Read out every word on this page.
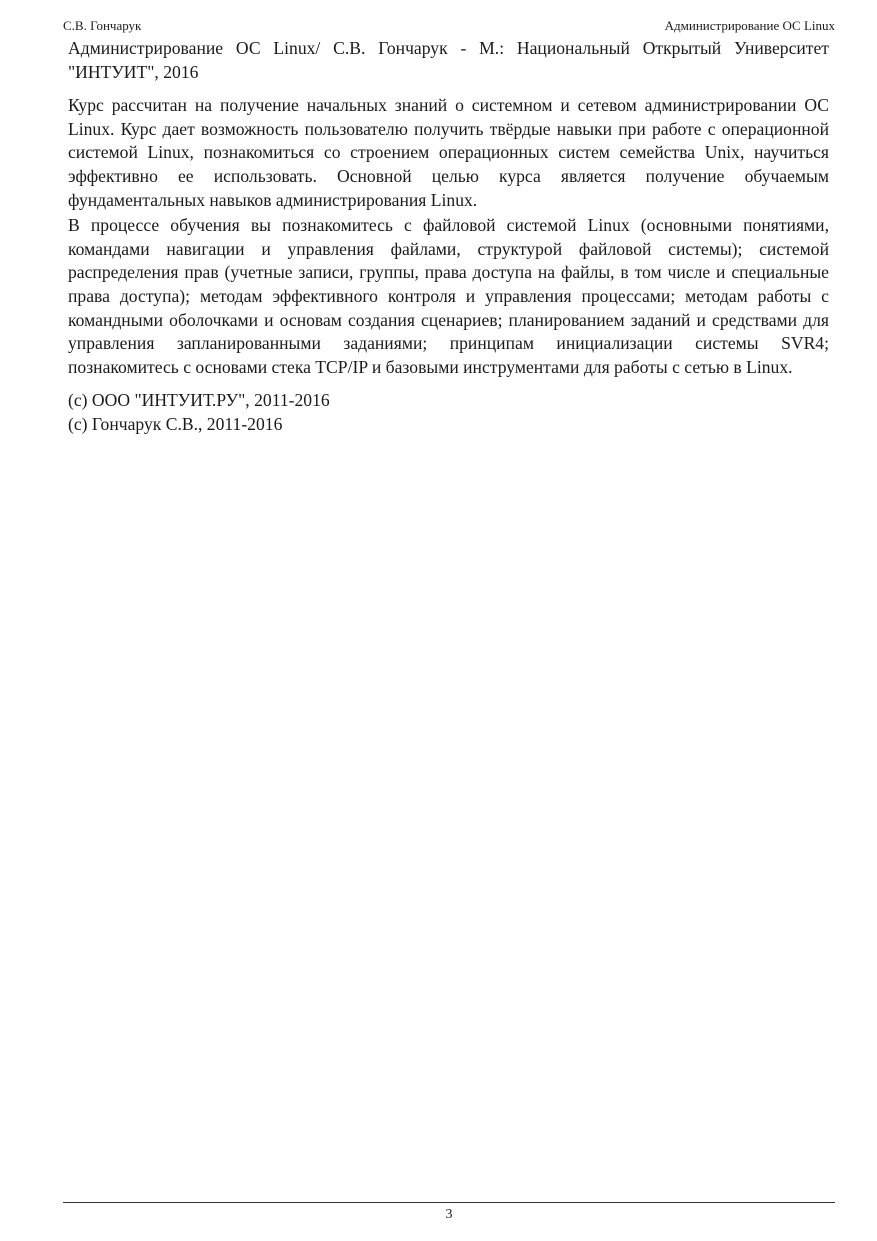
С.В. Гончарук	Администрирование ОС Linux

Администрирование ОС Linux/ С.В. Гончарук - М.: Национальный Открытый Университет "ИНТУИТ", 2016

Курс рассчитан на получение начальных знаний о системном и сетевом администрировании ОС Linux. Курс дает возможность пользователю получить твёрдые навыки при работе с операционной системой Linux, познакомиться со строением операционных систем семейства Unix, научиться эффективно ее использовать. Основной целью курса является получение обучаемым фундаментальных навыков администрирования Linux.

В процессе обучения вы познакомитесь с файловой системой Linux (основными понятиями, командами навигации и управления файлами, структурой файловой системы); системой распределения прав (учетные записи, группы, права доступа на файлы, в том числе и специальные права доступа); методам эффективного контроля и управления процессами; методам работы с командными оболочками и основам создания сценариев; планированием заданий и средствами для управления запланированными заданиями; принципам инициализации системы SVR4; познакомитесь с основами стека TCP/IP и базовыми инструментами для работы с сетью в Linux.

(c) ООО "ИНТУИТ.РУ", 2011-2016

(c) Гончарук С.В., 2011-2016

3
